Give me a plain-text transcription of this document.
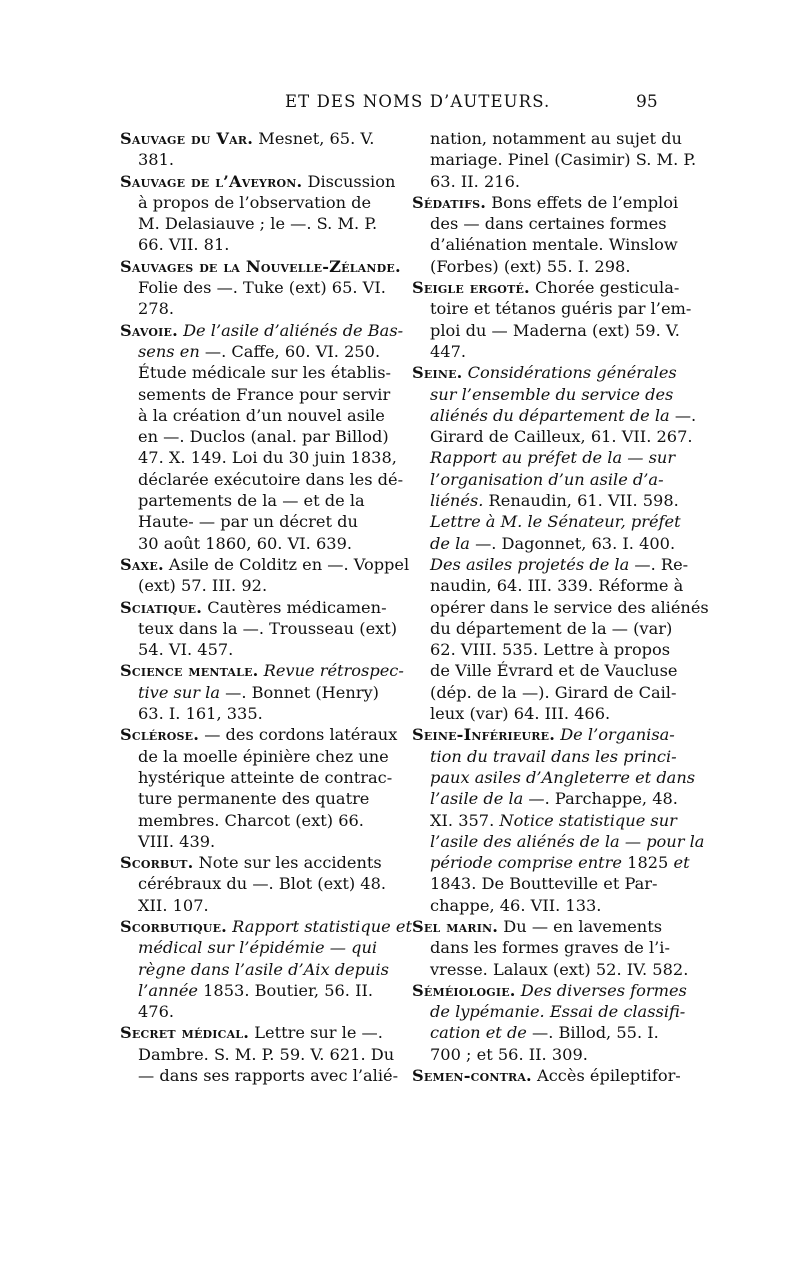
ET DES NOMS D’AUTEURS.	95
Sauvage du Var. Mesnet, 65. V.
381.
Sauvage de l’Aveyron. Discussion
à propos de l’observation de
M. Delasiauve ; le —. S. M. P.
66. VII. 81.
Sauvages de la Nouvelle-Zélande.
Folie des —. Tuke (ext) 65. VI.
278.
Savoie. De l’asile d’aliénés de Bas-
sens en —. Caffe, 60. VI. 250.
Étude médicale sur les établis-
sements de France pour servir
à la création d’un nouvel asile
en —. Duclos (anal. par Billod)
47. X. 149. Loi du 30 juin 1838,
déclarée exécutoire dans les dé-
partements de la — et de la
Haute- — par un décret du
30 août 1860, 60. VI. 639.
Saxe. Asile de Colditz en —. Voppel
(ext) 57. III. 92.
Sciatique. Cautères médicamen-
teux dans la —. Trousseau (ext)
54. VI. 457.
Science mentale. Revue rétrospec-
tive sur la —. Bonnet (Henry)
63. I. 161, 335.
Sclérose. — des cordons latéraux
de la moelle épinière chez une
hystérique atteinte de contrac-
ture permanente des quatre
membres. Charcot (ext) 66.
VIII. 439.
Scorbut. Note sur les accidents
cérébraux du —. Blot (ext) 48.
XII. 107.
Scorbutique. Rapport statistique et
médical sur l’épidémie — qui
règne dans l’asile d’Aix depuis
l’année 1853. Boutier, 56. II.
476.
Secret médical. Lettre sur le —.
Dambre. S. M. P. 59. V. 621. Du
— dans ses rapports avec l’alié-
nation, notamment au sujet du
mariage. Pinel (Casimir) S. M. P.
63. II. 216.
Sédatifs. Bons effets de l’emploi
des — dans certaines formes
d’aliénation mentale. Winslow
(Forbes) (ext) 55. I. 298.
Seigle ergoté. Chorée gesticula-
toire et tétanos guéris par l’em-
ploi du — Maderna (ext) 59. V.
447.
Seine. Considérations générales
sur l’ensemble du service des
aliénés du département de la —.
Girard de Cailleux, 61. VII. 267.
Rapport au préfet de la — sur
l’organisation d’un asile d’a-
liénés. Renaudin, 61. VII. 598.
Lettre à M. le Sénateur, préfet
de la —. Dagonnet, 63. I. 400.
Des asiles projetés de la —. Re-
naudin, 64. III. 339. Réforme à
opérer dans le service des aliénés
du département de la — (var)
62. VIII. 535. Lettre à propos
de Ville Évrard et de Vaucluse
(dép. de la —). Girard de Cail-
leux (var) 64. III. 466.
Seine-Inférieure. De l’organisa-
tion du travail dans les princi-
paux asiles d’Angleterre et dans
l’asile de la —. Parchappe, 48.
XI. 357. Notice statistique sur
l’asile des aliénés de la — pour la
période comprise entre 1825 et
1843. De Boutteville et Par-
chappe, 46. VII. 133.
Sel marin. Du — en lavements
dans les formes graves de l’i-
vresse. Lalaux (ext) 52. IV. 582.
Séméiologie. Des diverses formes
de lypémanie. Essai de classifi-
cation et de —. Billod, 55. I.
700 ; et 56. II. 309.
Semen-contra. Accès épileptifor-
